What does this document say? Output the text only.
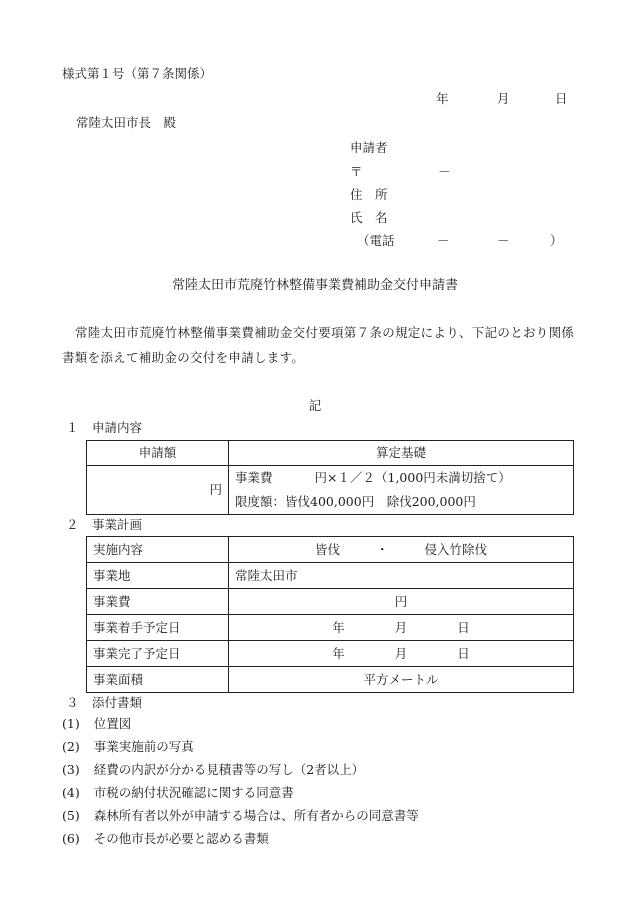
様式第１号（第７条関係）
年	月	日
常陸太田市長　殿
申請者
〒	－
住　所
氏　名
（電話	－	－	）
常陸太田市荒廃竹林整備事業費補助金交付申請書
常陸太田市荒廃竹林整備事業費補助金交付要項第７条の規定により、下記のとおり関係書類を添えて補助金の交付を申請します。
記
１ 申請内容
申請額	算定基礎
円	事業費 円×１／２（1,000円未満切捨て）
	限度額：皆伐400,000円　除伐200,000円
２ 事業計画
実施内容	皆伐 ・ 侵入竹除伐
事業地	常陸太田市
事業費	円
事業着手予定日	年 月 日
事業完了予定日	年 月 日
事業面積	平方メートル
３ 添付書類
(1) 位置図
(2) 事業実施前の写真
(3) 経費の内訳が分かる見積書等の写し（2者以上）
(4) 市税の納付状況確認に関する同意書
(5) 森林所有者以外が申請する場合は、所有者からの同意書等
(6) その他市長が必要と認める書類
